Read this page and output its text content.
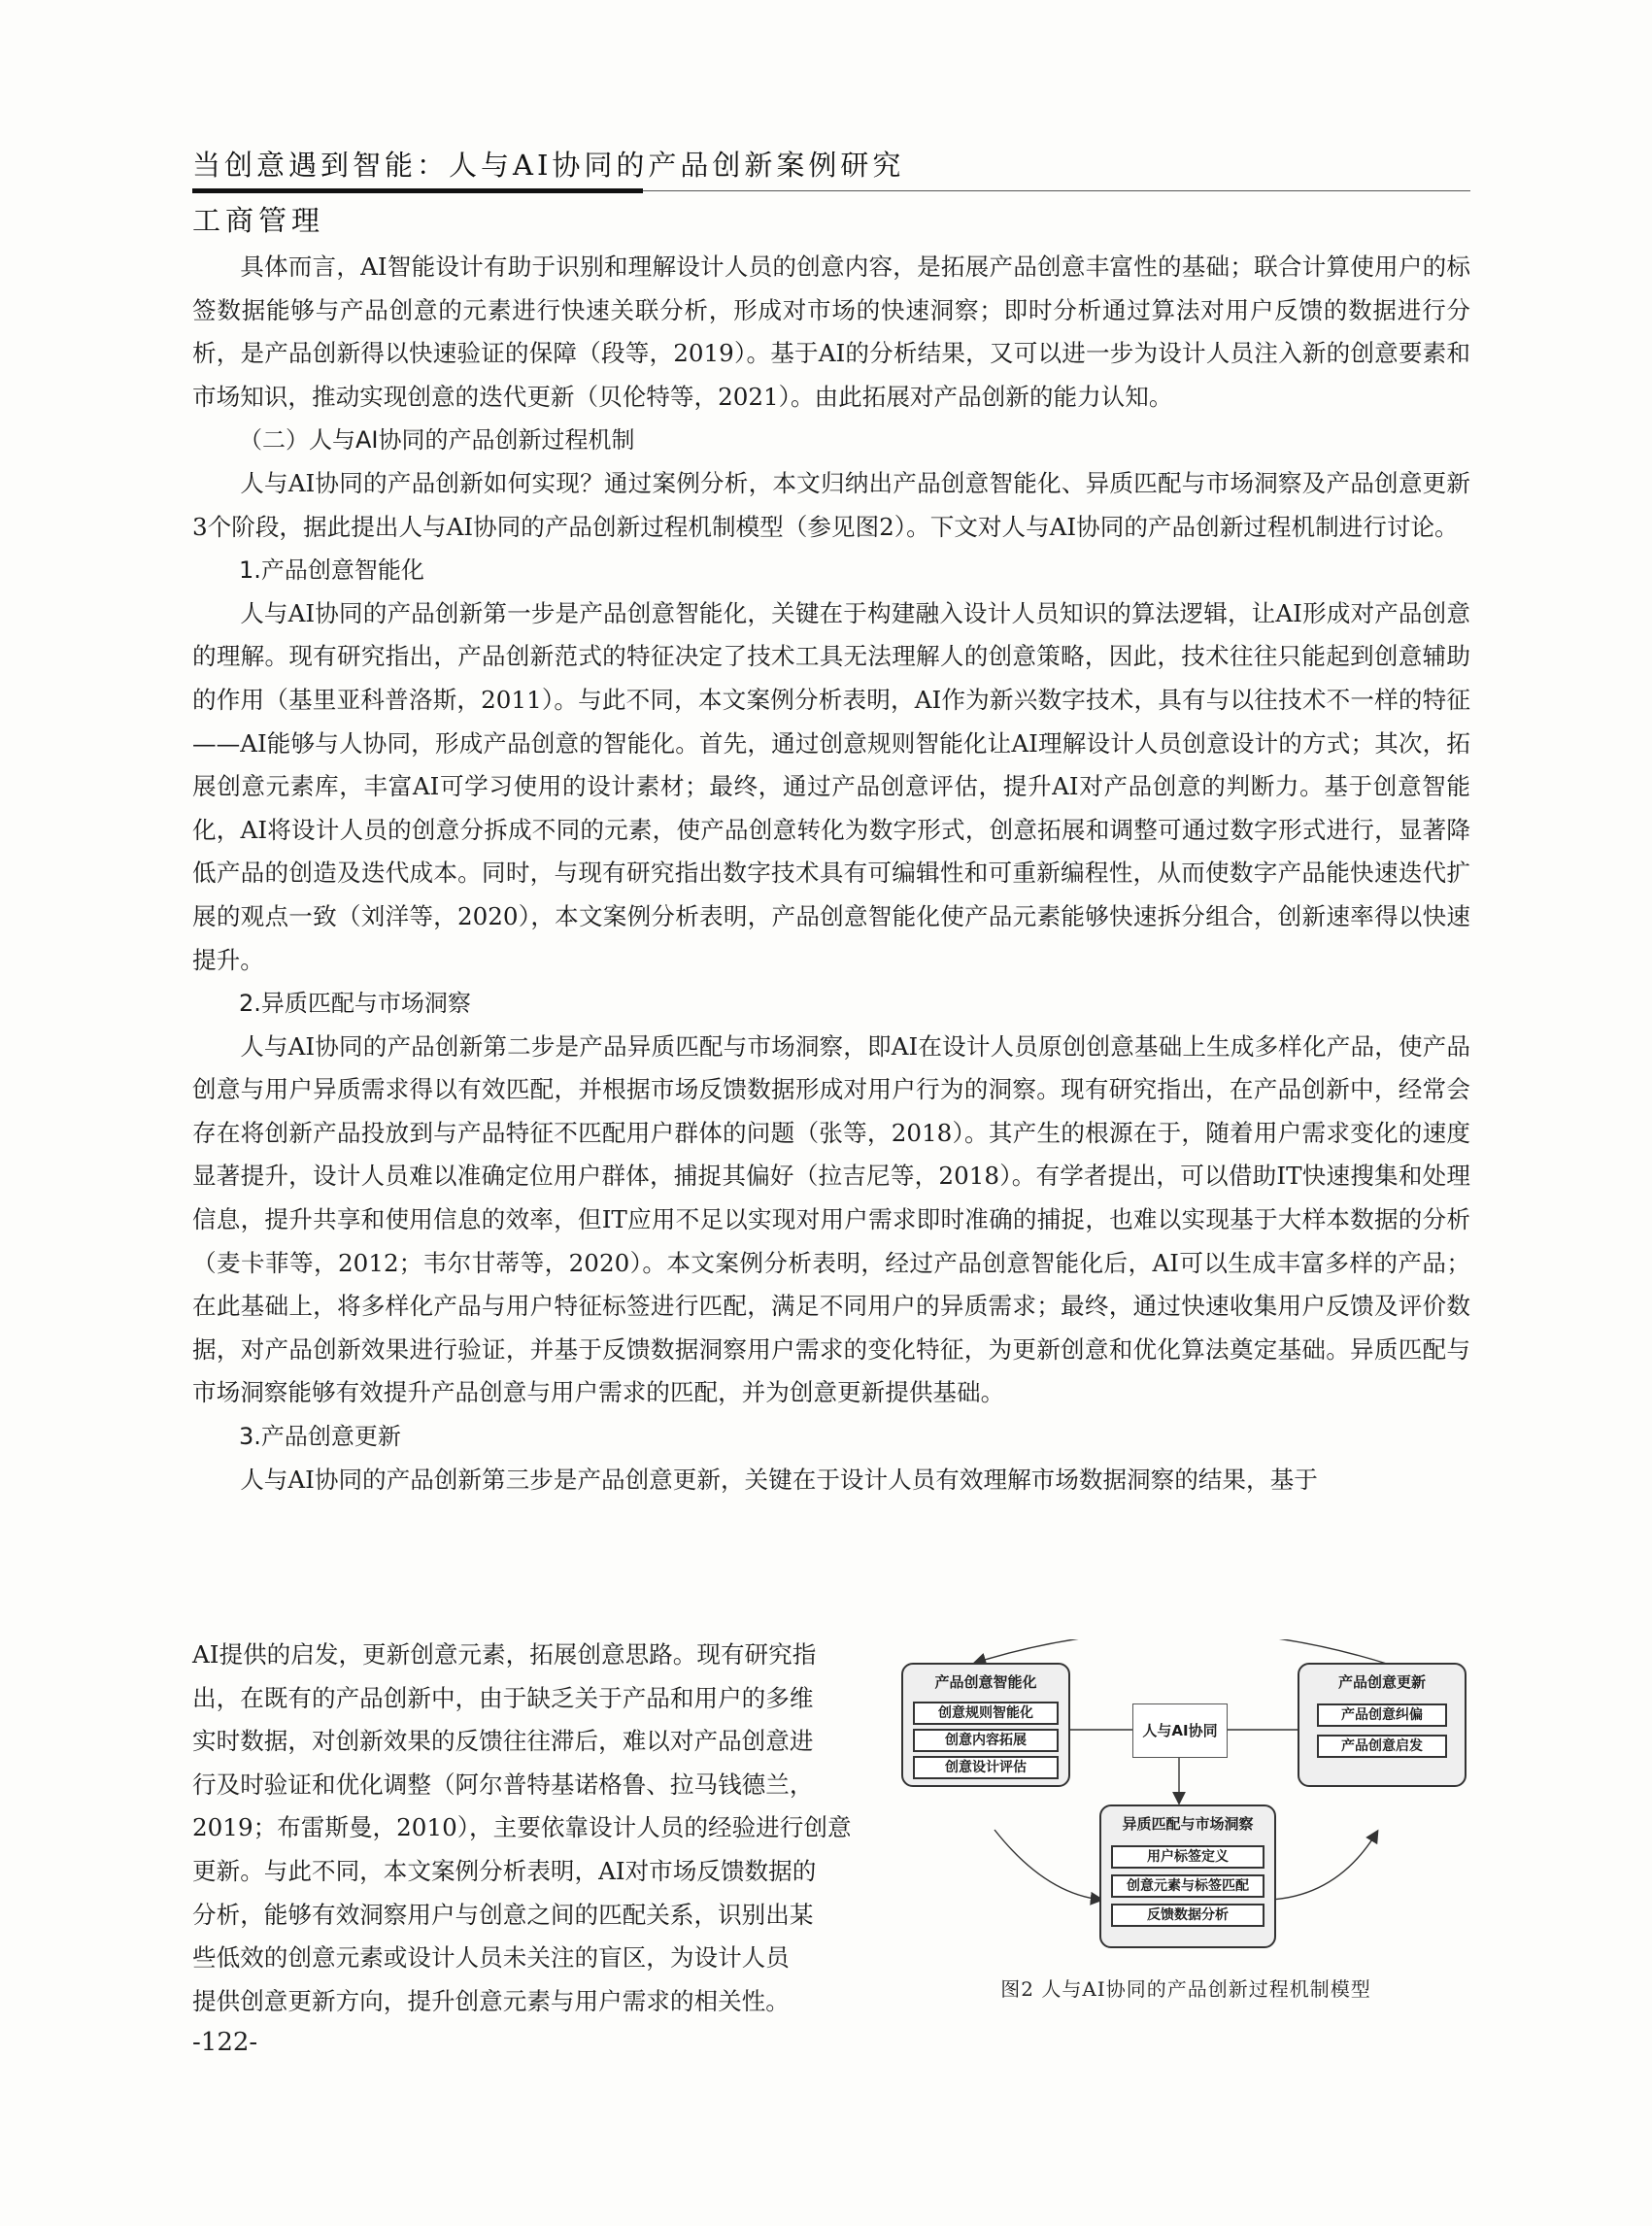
当创意遇到智能：人与AI协同的产品创新案例研究
工商管理

具体而言，AI智能设计有助于识别和理解设计人员的创意内容，是拓展产品创意丰富性的基础；联合计算使用户的标签数据能够与产品创意的元素进行快速关联分析，形成对市场的快速洞察；即时分析通过算法对用户反馈的数据进行分析，是产品创新得以快速验证的保障（段等，2019）。基于AI的分析结果，又可以进一步为设计人员注入新的创意要素和市场知识，推动实现创意的迭代更新（贝伦特等，2021）。由此拓展对产品创新的能力认知。

（二）人与AI协同的产品创新过程机制

人与AI协同的产品创新如何实现？通过案例分析，本文归纳出产品创意智能化、异质匹配与市场洞察及产品创意更新3个阶段，据此提出人与AI协同的产品创新过程机制模型（参见图2）。下文对人与AI协同的产品创新过程机制进行讨论。

1.产品创意智能化

人与AI协同的产品创新第一步是产品创意智能化，关键在于构建融入设计人员知识的算法逻辑，让AI形成对产品创意的理解。现有研究指出，产品创新范式的特征决定了技术工具无法理解人的创意策略，因此，技术往往只能起到创意辅助的作用（基里亚科普洛斯，2011）。与此不同，本文案例分析表明，AI作为新兴数字技术，具有与以往技术不一样的特征——AI能够与人协同，形成产品创意的智能化。首先，通过创意规则智能化让AI理解设计人员创意设计的方式；其次，拓展创意元素库，丰富AI可学习使用的设计素材；最终，通过产品创意评估，提升AI对产品创意的判断力。基于创意智能化，AI将设计人员的创意分拆成不同的元素，使产品创意转化为数字形式，创意拓展和调整可通过数字形式进行，显著降低产品的创造及迭代成本。同时，与现有研究指出数字技术具有可编辑性和可重新编程性，从而使数字产品能快速迭代扩展的观点一致（刘洋等，2020），本文案例分析表明，产品创意智能化使产品元素能够快速拆分组合，创新速率得以快速提升。

2.异质匹配与市场洞察

人与AI协同的产品创新第二步是产品异质匹配与市场洞察，即AI在设计人员原创创意基础上生成多样化产品，使产品创意与用户异质需求得以有效匹配，并根据市场反馈数据形成对用户行为的洞察。现有研究指出，在产品创新中，经常会存在将创新产品投放到与产品特征不匹配用户群体的问题（张等，2018）。其产生的根源在于，随着用户需求变化的速度显著提升，设计人员难以准确定位用户群体，捕捉其偏好（拉吉尼等，2018）。有学者提出，可以借助IT快速搜集和处理信息，提升共享和使用信息的效率，但IT应用不足以实现对用户需求即时准确的捕捉，也难以实现基于大样本数据的分析（麦卡菲等，2012；韦尔甘蒂等，2020）。本文案例分析表明，经过产品创意智能化后，AI可以生成丰富多样的产品；在此基础上，将多样化产品与用户特征标签进行匹配，满足不同用户的异质需求；最终，通过快速收集用户反馈及评价数据，对产品创新效果进行验证，并基于反馈数据洞察用户需求的变化特征，为更新创意和优化算法奠定基础。异质匹配与市场洞察能够有效提升产品创意与用户需求的匹配，并为创意更新提供基础。

3.产品创意更新

人与AI协同的产品创新第三步是产品创意更新，关键在于设计人员有效理解市场数据洞察的结果，基于

AI提供的启发，更新创意元素，拓展创意思路。现有研究指
出，在既有的产品创新中，由于缺乏关于产品和用户的多维
实时数据，对创新效果的反馈往往滞后，难以对产品创意进
行及时验证和优化调整（阿尔普特基诺格鲁、拉马钱德兰，
2019；布雷斯曼，2010），主要依靠设计人员的经验进行创意
更新。与此不同，本文案例分析表明，AI对市场反馈数据的
分析，能够有效洞察用户与创意之间的匹配关系，识别出某
些低效的创意元素或设计人员未关注的盲区，为设计人员
提供创意更新方向，提升创意元素与用户需求的相关性。
人与AI协同
产品创意智能化
创意规则智能化
创意内容拓展
创意设计评估
产品创意更新
产品创意纠偏
产品创意启发
异质匹配与市场洞察
用户标签定义
创意元素与标签匹配
反馈数据分析
图2 人与AI协同的产品创新过程机制模型
-122-
